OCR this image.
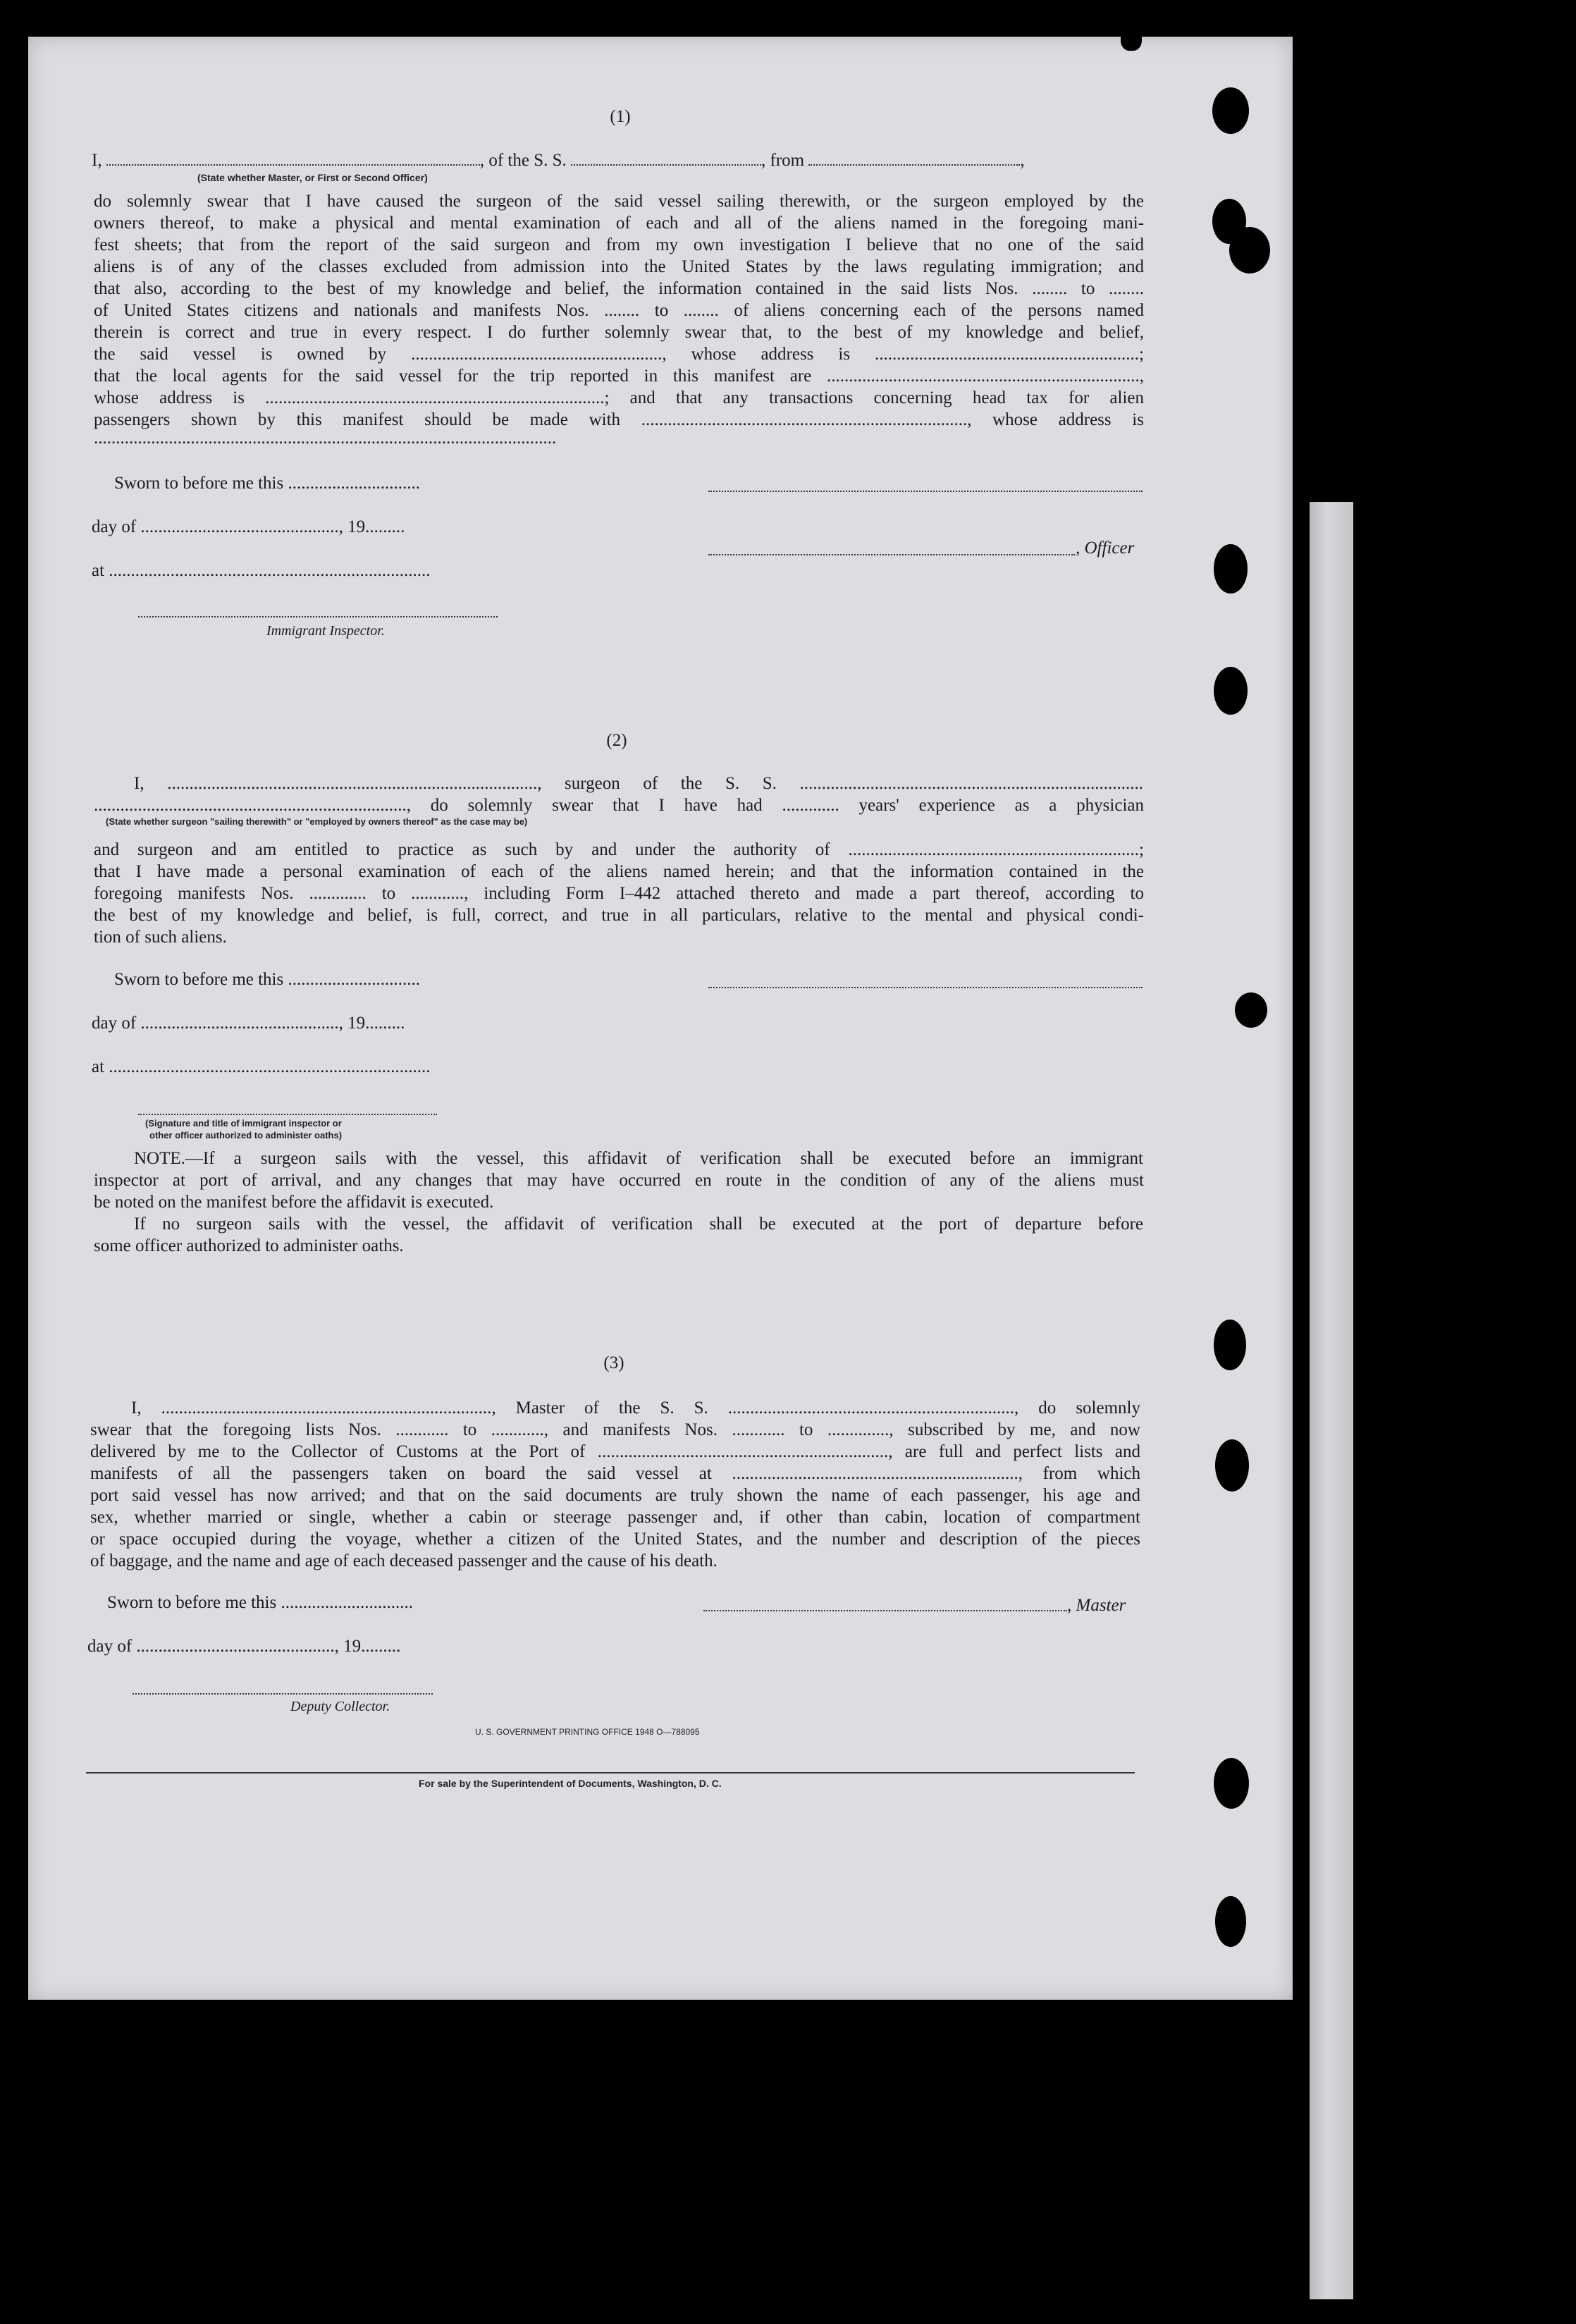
(1)
I,	, of the S. S.	, from	,
(State whether Master, or First or Second Officer)
do solemnly swear that I have caused the surgeon of the said vessel sailing therewith, or the surgeon employed by the
owners thereof, to make a physical and mental examination of each and all of the aliens named in the foregoing mani-
fest sheets; that from the report of the said surgeon and from my own investigation I believe that no one of the said
aliens is of any of the classes excluded from admission into the United States by the laws regulating immigration; and
that also, according to the best of my knowledge and belief, the information contained in the said lists Nos. ........ to ........
of United States citizens and nationals and manifests Nos. ........ to ........ of aliens concerning each of the persons named
therein is correct and true in every respect. I do further solemnly swear that, to the best of my knowledge and belief,
the said vessel is owned by ........................................................., whose address is ............................................................;
that the local agents for the said vessel for the trip reported in this manifest are .......................................................................,
whose address is .............................................................................; and that any transactions concerning head tax for alien
passengers shown by this manifest should be made with .........................................................................., whose address is
.........................................................................................................
Sworn to before me this ..............................
day of ............................................., 19.........
at .........................................................................
, Officer
Immigrant Inspector.
(2)
I, ...................................................................................., surgeon of the S. S. ..............................................................................
......................................................................., do solemnly swear that I have had ............. years' experience as a physician
(State whether surgeon "sailing therewith" or "employed by owners thereof" as the case may be)
and surgeon and am entitled to practice as such by and under the authority of ..................................................................;
that I have made a personal examination of each of the aliens named herein; and that the information contained in the
foregoing manifests Nos. ............. to ............, including Form I–442 attached thereto and made a part thereof, according to
the best of my knowledge and belief, is full, correct, and true in all particulars, relative to the mental and physical condi-
tion of such aliens.
Sworn to before me this ..............................
day of ............................................., 19.........
at .........................................................................
(Signature and title of immigrant inspector or
other officer authorized to administer oaths)
NOTE.—If a surgeon sails with the vessel, this affidavit of verification shall be executed before an immigrant
inspector at port of arrival, and any changes that may have occurred en route in the condition of any of the aliens must
be noted on the manifest before the affidavit is executed.
If no surgeon sails with the vessel, the affidavit of verification shall be executed at the port of departure before
some officer authorized to administer oaths.
(3)
I, ..........................................................................., Master of the S. S. ................................................................., do solemnly
swear that the foregoing lists Nos. ............ to ............, and manifests Nos. ............ to .............., subscribed by me, and now
delivered by me to the Collector of Customs at the Port of .................................................................., are full and perfect lists and
manifests of all the passengers taken on board the said vessel at ................................................................., from which
port said vessel has now arrived; and that on the said documents are truly shown the name of each passenger, his age and
sex, whether married or single, whether a cabin or steerage passenger and, if other than cabin, location of compartment
or space occupied during the voyage, whether a citizen of the United States, and the number and description of the pieces
of baggage, and the name and age of each deceased passenger and the cause of his death.
Sworn to before me this ..............................	, Master
day of ............................................., 19.........
Deputy Collector.
U. S. GOVERNMENT PRINTING OFFICE 1948 O—788095
For sale by the Superintendent of Documents, Washington, D. C.
